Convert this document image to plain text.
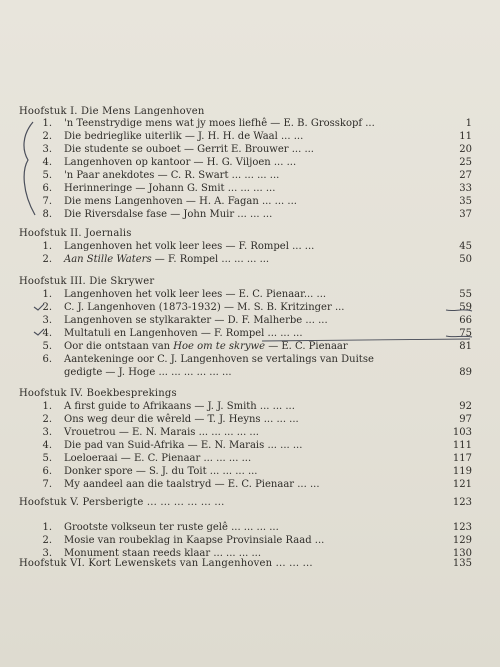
Hoofstuk I. Die Mens Langenhoven
1. 'n Teenstrydige mens wat jy moes liefhê — E. B. Grosskopf ...	1
2. Die bedrieglike uiterlik — J. H. H. de Waal ... ...	11
3. Die studente se ouboet — Gerrit E. Brouwer ... ...	20
4. Langenhoven op kantoor — H. G. Viljoen ... ...	25
5. 'n Paar anekdotes — C. R. Swart ... ... ... ...	27
6. Herinneringe — Johann G. Smit ... ... ... ...	33
7. Die mens Langenhoven — H. A. Fagan ... ... ...	35
8. Die Riversdalse fase — John Muir ... ... ...	37
Hoofstuk II. Joernalis
1. Langenhoven het volk leer lees — F. Rompel ... ...	45
2. Aan Stille Waters — F. Rompel ... ... ... ...	50
Hoofstuk III. Die Skrywer
1. Langenhoven het volk leer lees — E. C. Pienaar... ...	55
2. C. J. Langenhoven (1873-1932) — M. S. B. Kritzinger ...	59
3. Langenhoven se stylkarakter — D. F. Malherbe ... ...	66
4. Multatuli en Langenhoven — F. Rompel ... ... ...	75
5. Oor die ontstaan van Hoe om te skrywe — E. C. Pienaar	81
6. Aantekeninge oor C. J. Langenhoven se vertalings van Duitse
gedigte — J. Hoge ... ... ... ... ... ...	89
Hoofstuk IV. Boekbesprekings
1. A first guide to Afrikaans — J. J. Smith ... ... ...	92
2. Ons weg deur die wêreld — T. J. Heyns ... ... ...	97
3. Vrouetrou — E. N. Marais ... ... ... ... ...	103
4. Die pad van Suid-Afrika — E. N. Marais ... ... ...	111
5. Loeloeraai — E. C. Pienaar ... ... ... ...	117
6. Donker spore — S. J. du Toit ... ... ... ...	119
7. My aandeel aan die taalstryd — E. C. Pienaar ... ...	121
Hoofstuk V. Persberigte ... ... ... ... ... ...	123
1. Grootste volkseun ter ruste gelê ... ... ... ...	123
2. Mosie van roubeklag in Kaapse Provinsiale Raad ...	129
3. Monument staan reeds klaar ... ... ... ...	130
Hoofstuk VI. Kort Lewenskets van Langenhoven ... ... ...	135
